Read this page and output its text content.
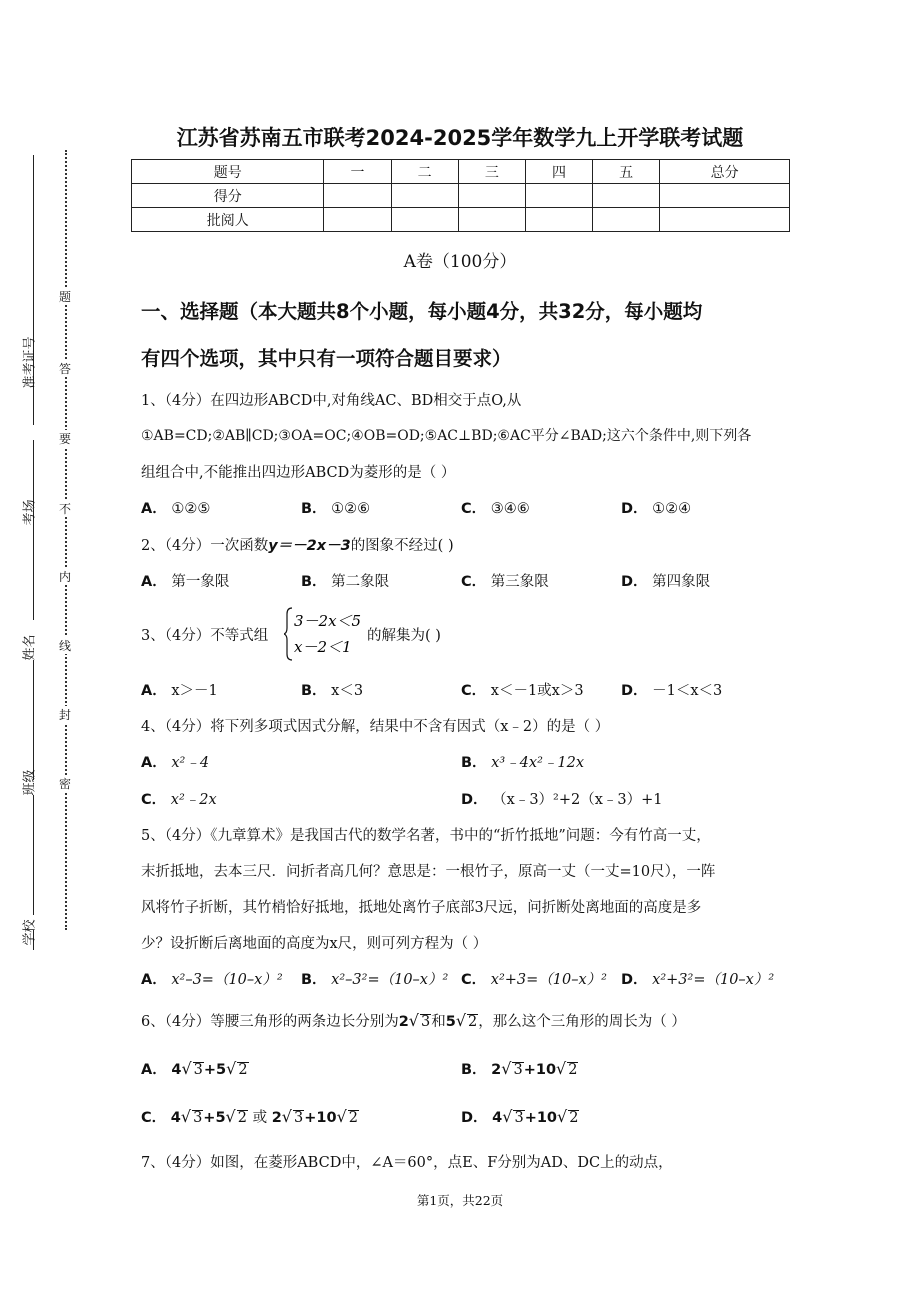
准考证号
考场
姓名
班级
学校
题
答
要
不
内
线
封
密
江苏省苏南五市联考2024-2025学年数学九上开学联考试题
题号	一	二	三	四	五	总分
得分						
批阅人						
A卷（100分）
一、选择题（本大题共8个小题，每小题4分，共32分，每小题均
有四个选项，其中只有一项符合题目要求）
1、（4分）在四边形ABCD中,对角线AC、BD相交于点O,从
①AB=CD;②AB∥CD;③OA=OC;④OB=OD;⑤AC⊥BD;⑥AC平分∠BAD;这六个条件中,则下列各
组组合中,不能推出四边形ABCD为菱形的是（ ）
A． ①②⑤	B． ①②⑥	C． ③④⑥	D． ①②④
2、（4分）一次函数y＝－2x－3的图象不经过( )
A． 第一象限	B． 第二象限	C． 第三象限	D． 第四象限
3、（4分）不等式组
3－2x＜5
x－2＜1
的解集为( )
A． x＞－1	B． x＜3	C． x＜－1或x＞3	D． －1＜x＜3
4、（4分）将下列多项式因式分解，结果中不含有因式（x﹣2）的是（ ）
A． x²﹣4	B． x³﹣4x²﹣12x
C． x²﹣2x	D． （x﹣3）²+2（x﹣3）+1
5、（4分）《九章算术》是我国古代的数学名著，书中的“折竹抵地”问题：今有竹高一丈，
末折抵地，去本三尺．问折者高几何？意思是：一根竹子，原高一丈（一丈=10尺），一阵
风将竹子折断，其竹梢恰好抵地，抵地处离竹子底部3尺远，问折断处离地面的高度是多
少？设折断后离地面的高度为x尺，则可列方程为（ ）
A． x²–3=（10–x）² B． x²–3²=（10–x）² C． x²+3=（10–x）² D． x²+3²=（10–x）²
6、（4分）等腰三角形的两条边长分别为2√ 3和5√ 2，那么这个三角形的周长为（ ）
A． 4√ 3+5√ 2	B． 2√ 3+10√ 2
C． 4√ 3+5√ 2 或 2√ 3+10√ 2	D． 4√ 3+10√ 2
7、（4分）如图，在菱形ABCD中，∠A＝60°，点E、F分别为AD、DC上的动点，
第1页，共22页
